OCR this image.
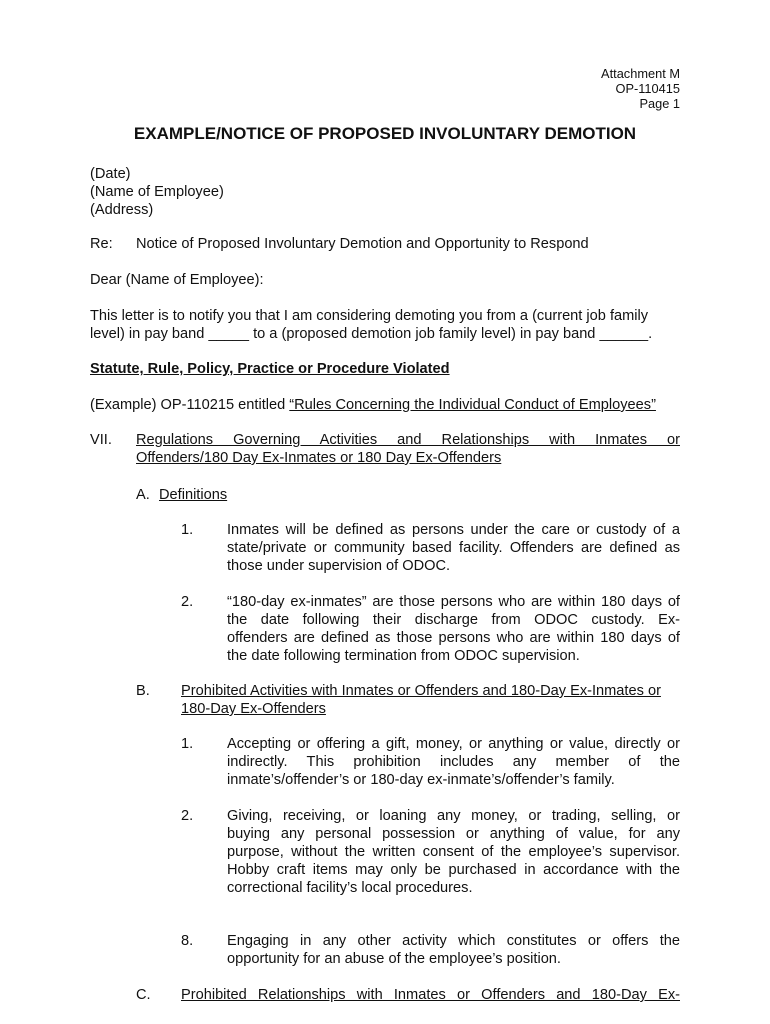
Attachment M
OP-110415
Page 1
EXAMPLE/NOTICE OF PROPOSED INVOLUNTARY DEMOTION
(Date)
(Name of Employee)
(Address)
Re: Notice of Proposed Involuntary Demotion and Opportunity to Respond
Dear (Name of Employee):
This letter is to notify you that I am considering demoting you from a (current job family
level) in pay band _____ to a (proposed demotion job family level) in pay band ______.
Statute, Rule, Policy, Practice or Procedure Violated
(Example) OP-110215 entitled “Rules Concerning the Individual Conduct of Employees”
VII. Regulations Governing Activities and Relationships with Inmates or
Offenders/180 Day Ex-Inmates or 180 Day Ex-Offenders
A. Definitions
1. Inmates will be defined as persons under the care or custody of a
state/private or community based facility. Offenders are defined as
those under supervision of ODOC.
2. “180-day ex-inmates” are those persons who are within 180 days of
the date following their discharge from ODOC custody. Ex-
offenders are defined as those persons who are within 180 days of
the date following termination from ODOC supervision.
B. Prohibited Activities with Inmates or Offenders and 180-Day Ex-Inmates or
180-Day Ex-Offenders
1. Accepting or offering a gift, money, or anything or value, directly or
indirectly. This prohibition includes any member of the
inmate’s/offender’s or 180-day ex-inmate’s/offender’s family.
2. Giving, receiving, or loaning any money, or trading, selling, or
buying any personal possession or anything of value, for any
purpose, without the written consent of the employee’s supervisor.
Hobby craft items may only be purchased in accordance with the
correctional facility’s local procedures.
8. Engaging in any other activity which constitutes or offers the
opportunity for an abuse of the employee’s position.
C. Prohibited Relationships with Inmates or Offenders and 180-Day Ex-
